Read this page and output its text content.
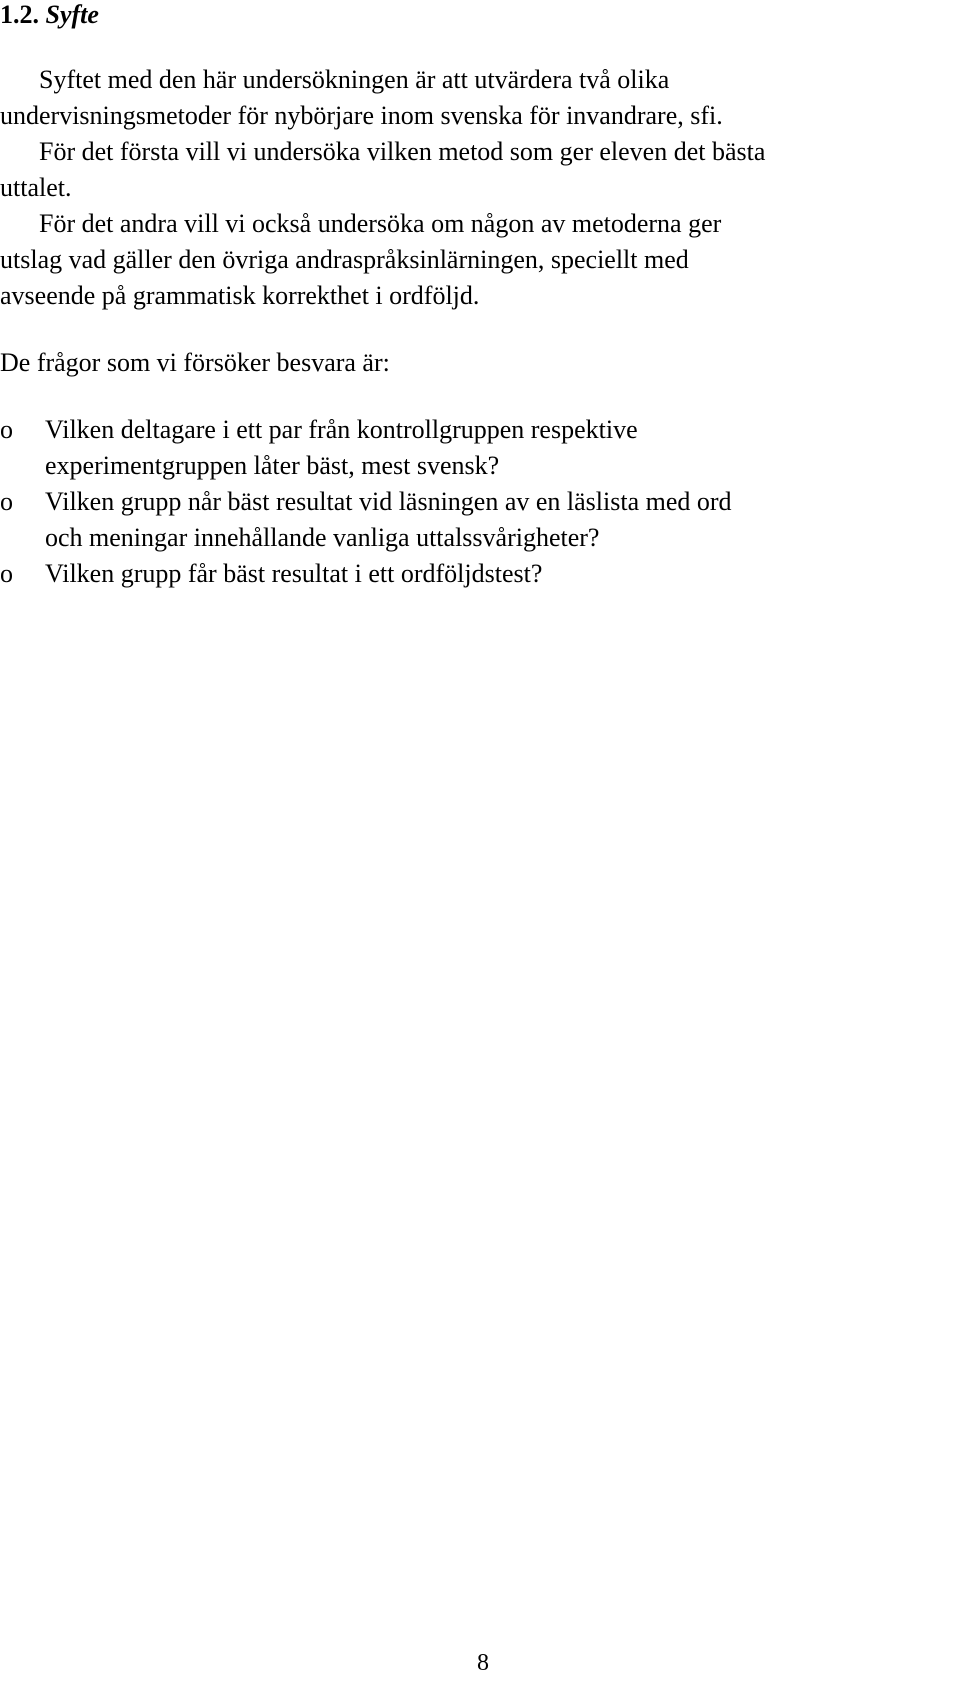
1.2. Syfte
Syftet med den här undersökningen är att utvärdera två olika
undervisningsmetoder för nybörjare inom svenska för invandrare, sfi.
För det första vill vi undersöka vilken metod som ger eleven det bästa
uttalet.
För det andra vill vi också undersöka om någon av metoderna ger
utslag vad gäller den övriga andraspråksinlärningen, speciellt med
avseende på grammatisk korrekthet i ordföljd.
De frågor som vi försöker besvara är:
o Vilken deltagare i ett par från kontrollgruppen respektive
experimentgruppen låter bäst, mest svensk?
o Vilken grupp når bäst resultat vid läsningen av en läslista med ord
och meningar innehållande vanliga uttalssvårigheter?
o Vilken grupp får bäst resultat i ett ordföljdstest?
8
